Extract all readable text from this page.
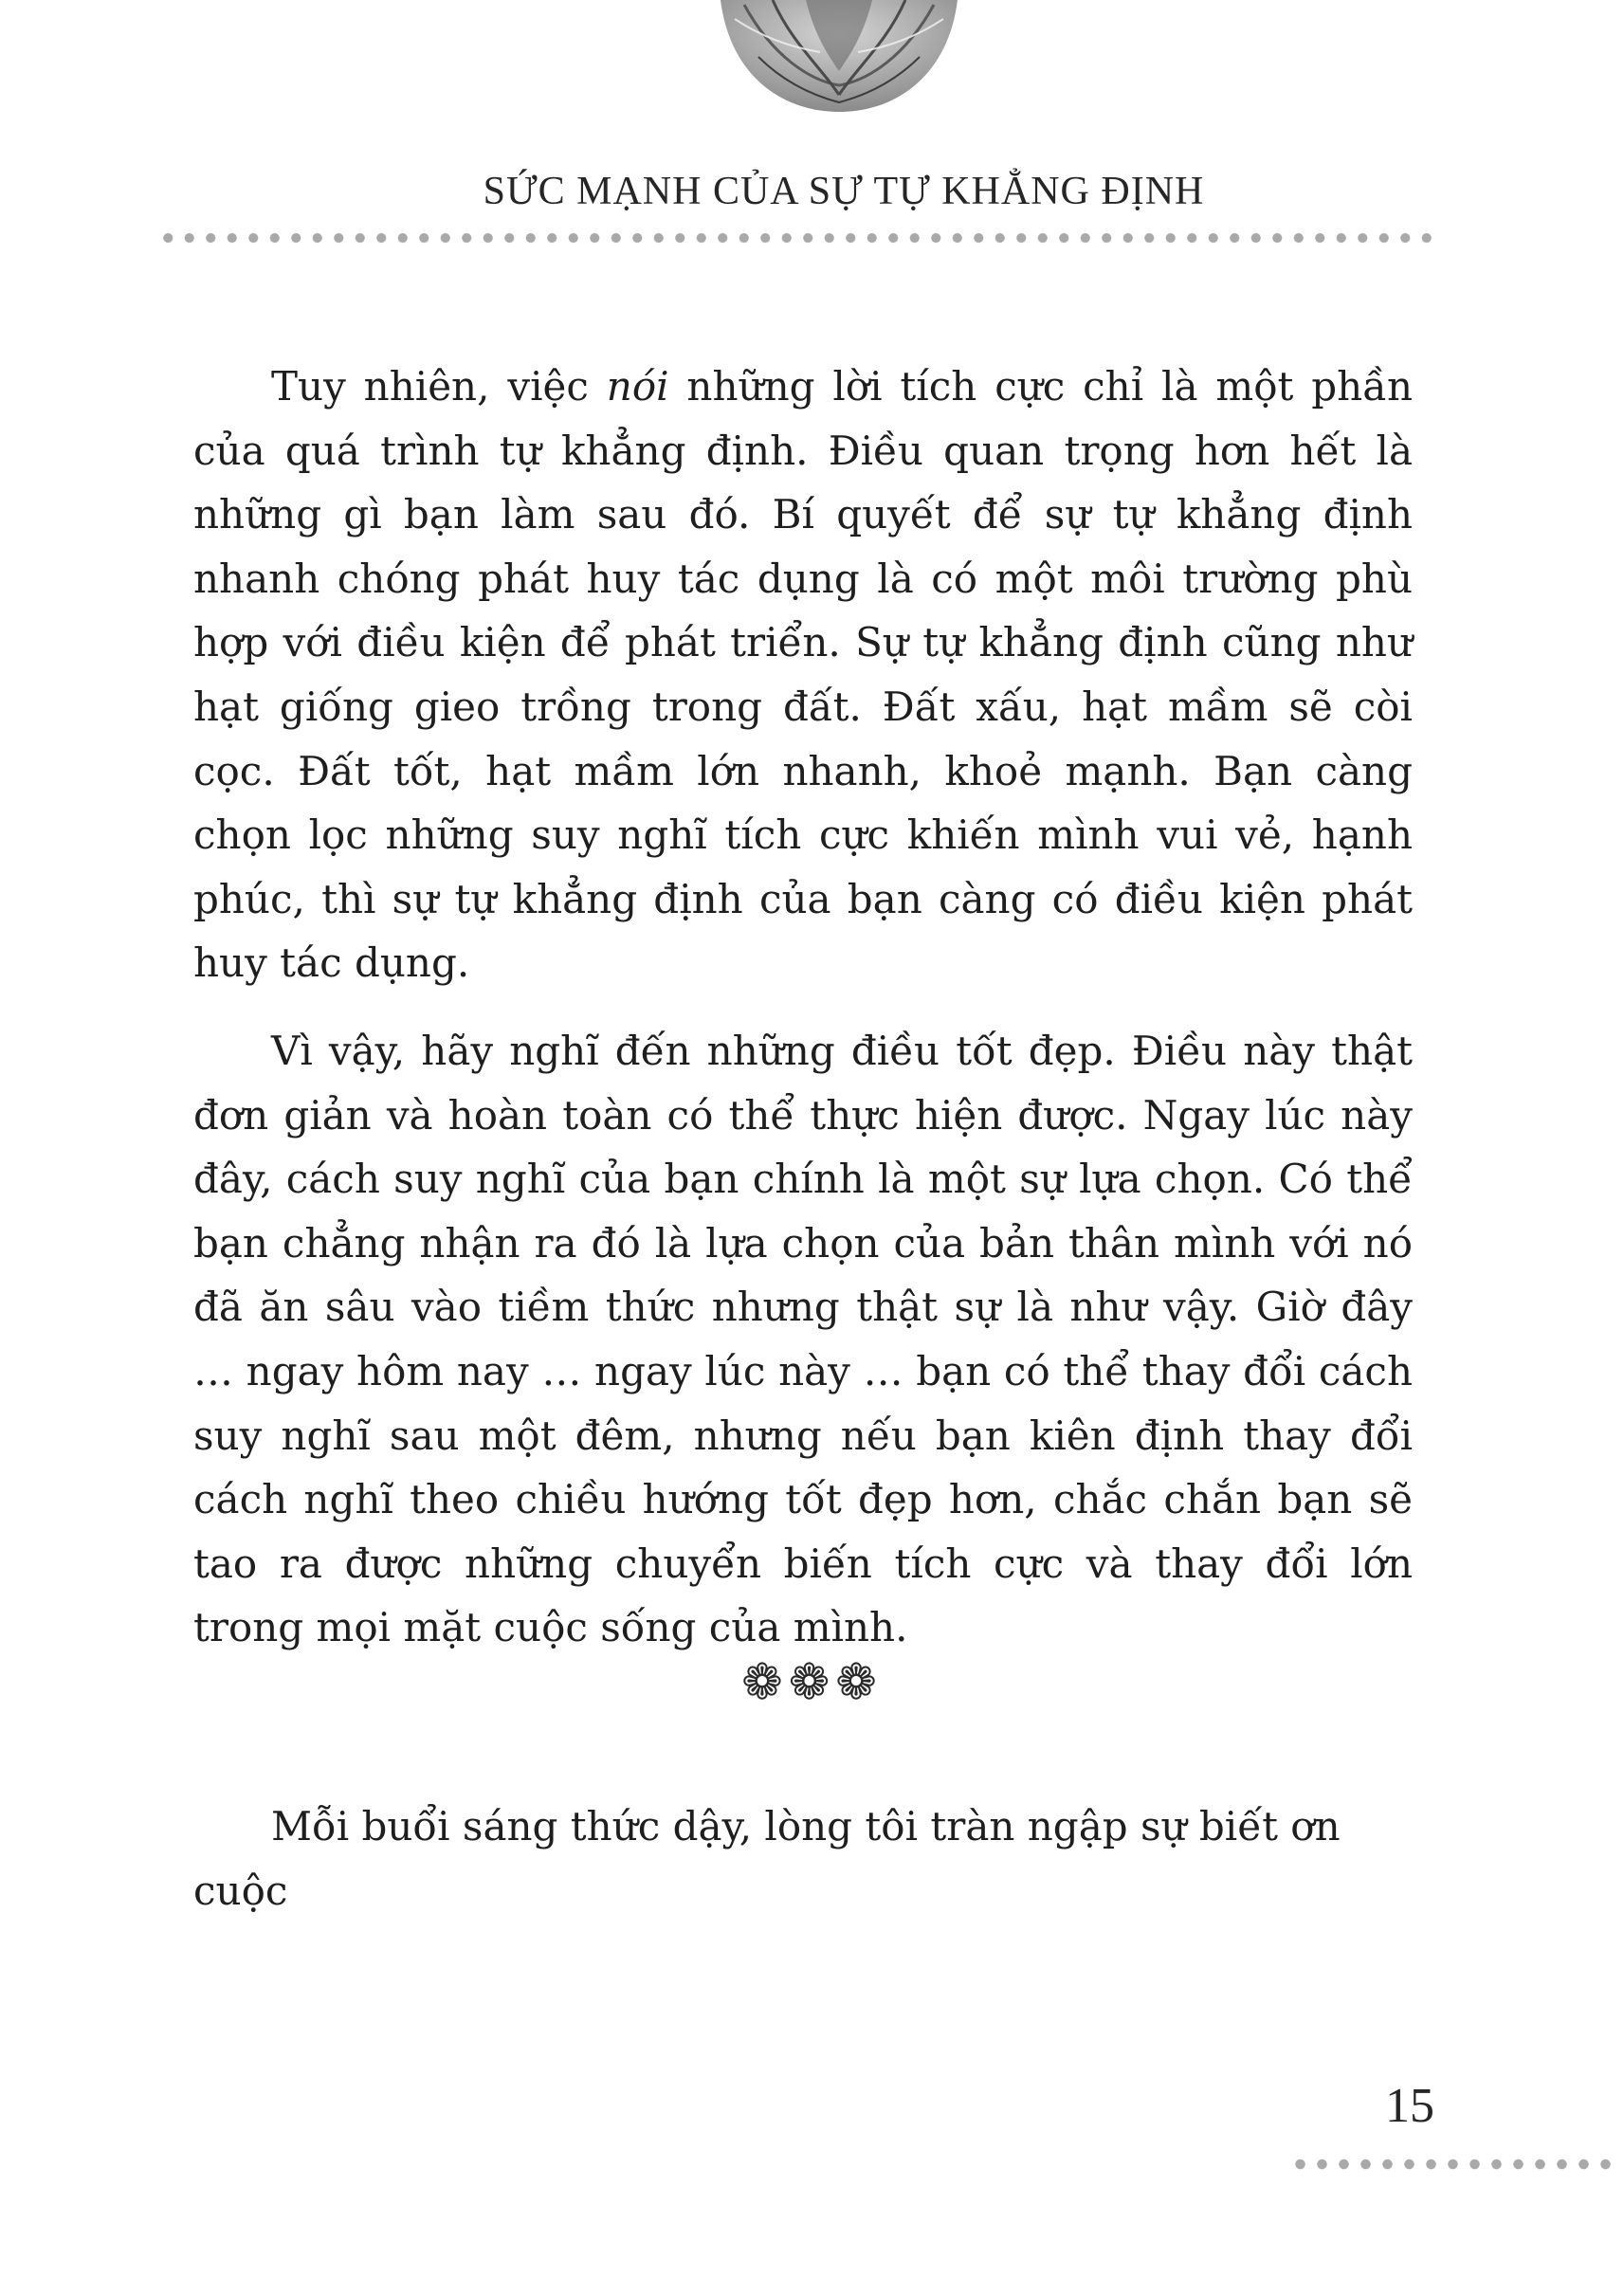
SỨC MẠNH CỦA SỰ TỰ KHẲNG ĐỊNH

Tuy nhiên, việc nói những lời tích cực chỉ là một phần của quá trình tự khẳng định. Điều quan trọng hơn hết là những gì bạn làm sau đó. Bí quyết để sự tự khẳng định nhanh chóng phát huy tác dụng là có một môi trường phù hợp với điều kiện để phát triển. Sự tự khẳng định cũng như hạt giống gieo trồng trong đất. Đất xấu, hạt mầm sẽ còi cọc. Đất tốt, hạt mầm lớn nhanh, khoẻ mạnh. Bạn càng chọn lọc những suy nghĩ tích cực khiến mình vui vẻ, hạnh phúc, thì sự tự khẳng định của bạn càng có điều kiện phát huy tác dụng.

Vì vậy, hãy nghĩ đến những điều tốt đẹp. Điều này thật đơn giản và hoàn toàn có thể thực hiện được. Ngay lúc này đây, cách suy nghĩ của bạn chính là một sự lựa chọn. Có thể bạn chẳng nhận ra đó là lựa chọn của bản thân mình với nó đã ăn sâu vào tiềm thức nhưng thật sự là như vậy. Giờ đây … ngay hôm nay … ngay lúc này … bạn có thể thay đổi cách suy nghĩ sau một đêm, nhưng nếu bạn kiên định thay đổi cách nghĩ theo chiều hướng tốt đẹp hơn, chắc chắn bạn sẽ tao ra được những chuyển biến tích cực và thay đổi lớn trong mọi mặt cuộc sống của mình.

❁❁❁
Mỗi buổi sáng thức dậy, lòng tôi tràn ngập sự biết ơn cuộc
15
